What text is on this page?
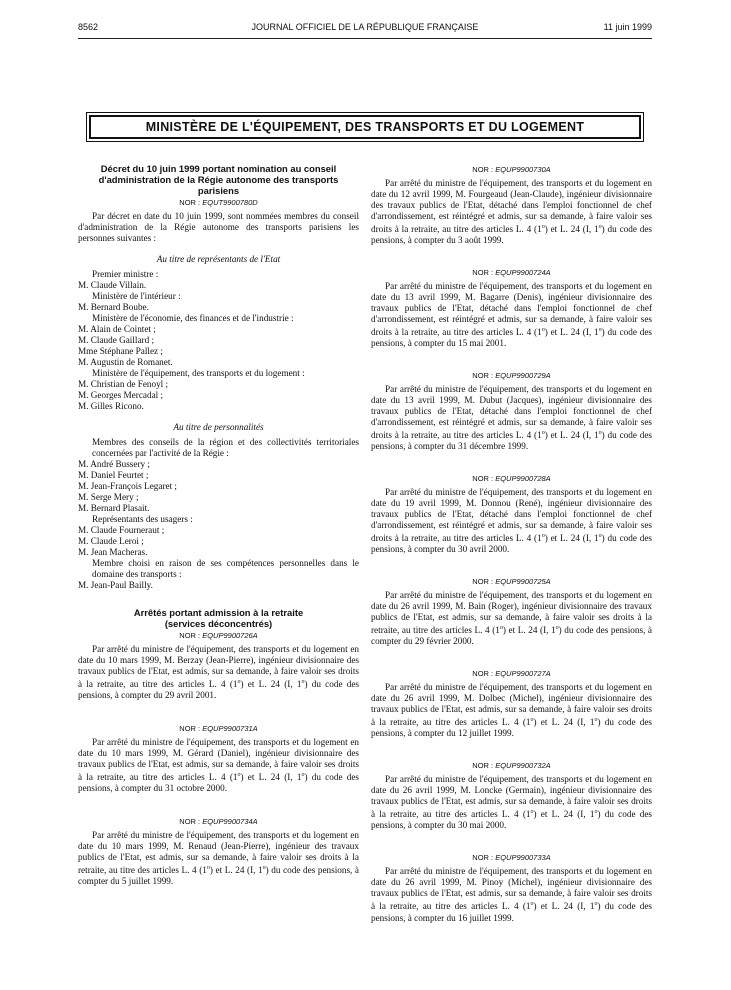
8562	JOURNAL OFFICIEL DE LA RÉPUBLIQUE FRANÇAISE	11 juin 1999
MINISTÈRE DE L'ÉQUIPEMENT, DES TRANSPORTS ET DU LOGEMENT
Décret du 10 juin 1999 portant nomination au conseil d'administration de la Régie autonome des transports parisiens
NOR : EQUT9900780D

Par décret en date du 10 juin 1999, sont nommées membres du conseil d'administration de la Régie autonome des transports parisiens les personnes suivantes :

Au titre de représentants de l'Etat

Premier ministre :

M. Claude Villain.

Ministère de l'intérieur :

M. Bernard Boube.

Ministère de l'économie, des finances et de l'industrie :

M. Alain de Cointet ;

M. Claude Gaillard ;

Mme Stéphane Pallez ;

M. Augustin de Romanet.

Ministère de l'équipement, des transports et du logement :

M. Christian de Fenoyl ;

M. Georges Mercadal ;

M. Gilles Ricono.

Au titre de personnalités

Membres des conseils de la région et des collectivités territoriales concernées par l'activité de la Régie :

M. André Bussery ;

M. Daniel Feurtet ;

M. Jean-François Legaret ;

M. Serge Mery ;

M. Bernard Plasait.

Représentants des usagers :

M. Claude Fourneraut ;

M. Claude Leroi ;

M. Jean Macheras.

Membre choisi en raison de ses compétences personnelles dans le domaine des transports :

M. Jean-Paul Bailly.

Arrêtés portant admission à la retraite
(services déconcentrés)
NOR : EQUP9900726A

Par arrêté du ministre de l'équipement, des transports et du logement en date du 10 mars 1999, M. Berzay (Jean-Pierre), ingénieur divisionnaire des travaux publics de l'Etat, est admis, sur sa demande, à faire valoir ses droits à la retraite, au titre des articles L. 4 (1$^o$) et L. 24 (I, 1$^o$) du code des pensions, à compter du 29 avril 2001.

NOR : EQUP9900731A

Par arrêté du ministre de l'équipement, des transports et du logement en date du 10 mars 1999, M. Gérard (Daniel), ingénieur divisionnaire des travaux publics de l'Etat, est admis, sur sa demande, à faire valoir ses droits à la retraite, au titre des articles L. 4 (1$^o$) et L. 24 (I, 1$^o$) du code des pensions, à compter du 31 octobre 2000.

NOR : EQUP9900734A

Par arrêté du ministre de l'équipement, des transports et du logement en date du 10 mars 1999, M. Renaud (Jean-Pierre), ingénieur des travaux publics de l'Etat, est admis, sur sa demande, à faire valoir ses droits à la retraite, au titre des articles L. 4 (1$^o$) et L. 24 (I, 1$^o$) du code des pensions, à compter du 5 juillet 1999.

NOR : EQUP9900730A

Par arrêté du ministre de l'équipement, des transports et du logement en date du 12 avril 1999, M. Fourgeaud (Jean-Claude), ingénieur divisionnaire des travaux publics de l'Etat, détaché dans l'emploi fonctionnel de chef d'arrondissement, est réintégré et admis, sur sa demande, à faire valoir ses droits à la retraite, au titre des articles L. 4 (1$^o$) et L. 24 (I, 1$^o$) du code des pensions, à compter du 3 août 1999.

NOR : EQUP9900724A

Par arrêté du ministre de l'équipement, des transports et du logement en date du 13 avril 1999, M. Bagarre (Denis), ingénieur divisionnaire des travaux publics de l'Etat, détaché dans l'emploi fonctionnel de chef d'arrondissement, est réintégré et admis, sur sa demande, à faire valoir ses droits à la retraite, au titre des articles L. 4 (1$^o$) et L. 24 (I, 1$^o$) du code des pensions, à compter du 15 mai 2001.

NOR : EQUP9900729A

Par arrêté du ministre de l'équipement, des transports et du logement en date du 13 avril 1999, M. Dubut (Jacques), ingénieur divisionnaire des travaux publics de l'Etat, détaché dans l'emploi fonctionnel de chef d'arrondissement, est réintégré et admis, sur sa demande, à faire valoir ses droits à la retraite, au titre des articles L. 4 (1$^o$) et L. 24 (I, 1$^o$) du code des pensions, à compter du 31 décembre 1999.

NOR : EQUP9900728A

Par arrêté du ministre de l'équipement, des transports et du logement en date du 19 avril 1999, M. Donnou (René), ingénieur divisionnaire des travaux publics de l'Etat, détaché dans l'emploi fonctionnel de chef d'arrondissement, est réintégré et admis, sur sa demande, à faire valoir ses droits à la retraite, au titre des articles L. 4 (1$^o$) et L. 24 (I, 1$^o$) du code des pensions, à compter du 30 avril 2000.

NOR : EQUP9900725A

Par arrêté du ministre de l'équipement, des transports et du logement en date du 26 avril 1999, M. Bain (Roger), ingénieur divisionnaire des travaux publics de l'Etat, est admis, sur sa demande, à faire valoir ses droits à la retraite, au titre des articles L. 4 (1$^o$) et L. 24 (I, 1$^o$) du code des pensions, à compter du 29 février 2000.

NOR : EQUP9900727A

Par arrêté du ministre de l'équipement, des transports et du logement en date du 26 avril 1999, M. Dolbec (Michel), ingénieur divisionnaire des travaux publics de l'Etat, est admis, sur sa demande, à faire valoir ses droits à la retraite, au titre des articles L. 4 (1$^o$) et L. 24 (I, 1$^o$) du code des pensions, à compter du 12 juillet 1999.

NOR : EQUP9900732A

Par arrêté du ministre de l'équipement, des transports et du logement en date du 26 avril 1999, M. Loncke (Germain), ingénieur divisionnaire des travaux publics de l'Etat, est admis, sur sa demande, à faire valoir ses droits à la retraite, au titre des articles L. 4 (1$^o$) et L. 24 (I, 1$^o$) du code des pensions, à compter du 30 mai 2000.

NOR : EQUP9900733A

Par arrêté du ministre de l'équipement, des transports et du logement en date du 26 avril 1999, M. Pinoy (Michel), ingénieur divisionnaire des travaux publics de l'Etat, est admis, sur sa demande, à faire valoir ses droits à la retraite, au titre des articles L. 4 (1$^o$) et L. 24 (I, 1$^o$) du code des pensions, à compter du 16 juillet 1999.
